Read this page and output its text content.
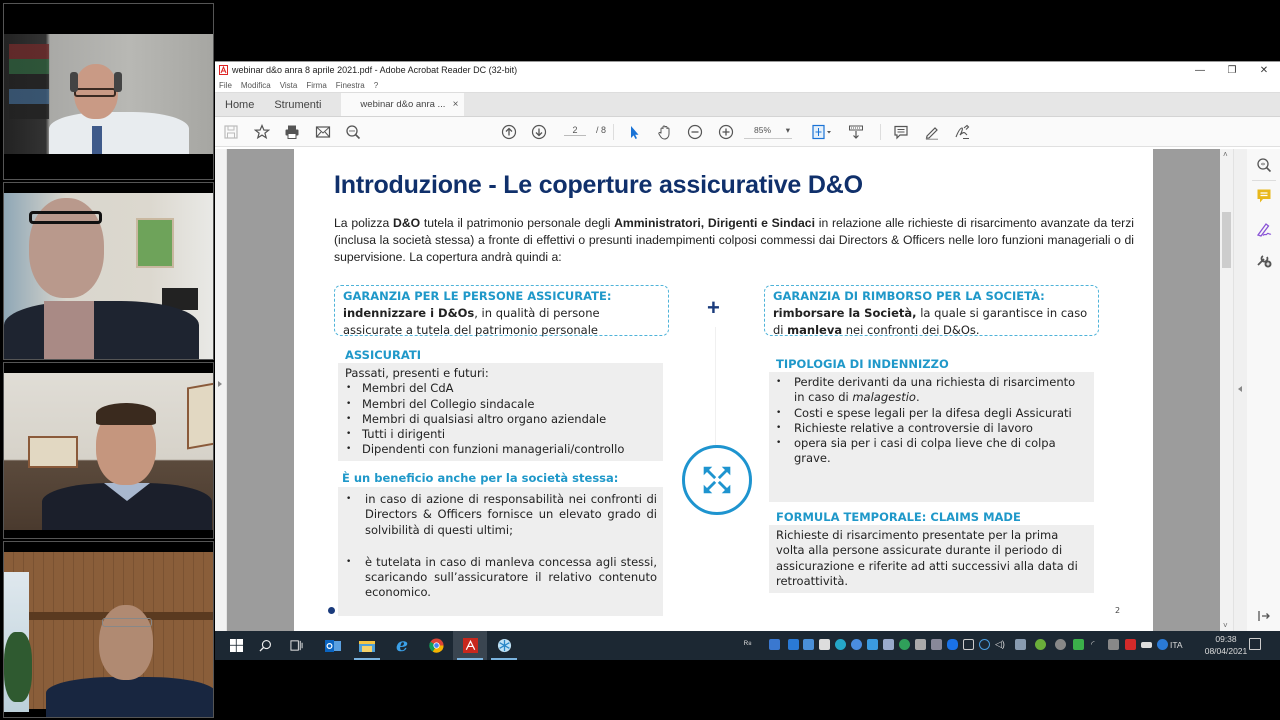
webinar d&o anra 8 aprile 2021.pdf - Adobe Acrobat Reader DC (32-bit)	—	❐	✕
File Modifica Vista Firma Finestra ?
Home Strumenti	webinar d&o anra ... ×
2	/ 8	85% ▾
Introduzione - Le coperture assicurative D&O
La polizza D&O tutela il patrimonio personale degli Amministratori, Dirigenti e Sindaci in relazione alle richieste di risarcimento avanzate da terzi (inclusa la società stessa) a fronte di effettivi o presunti inadempimenti colposi commessi dai Directors & Officers nelle loro funzioni manageriali o di supervisione. La copertura andrà quindi a:
GARANZIA PER LE PERSONE ASSICURATE:
indennizzare i D&Os, in qualità di persone assicurate a tutela del patrimonio personale
+	GARANZIA DI RIMBORSO PER LA SOCIETÀ:
rimborsare la Società, la quale si garantisce in caso di manleva nei confronti dei D&Os.
ASSICURATI
Passati, presenti e futuri:
• Membri del CdA
• Membri del Collegio sindacale
• Membri di qualsiasi altro organo aziendale
• Tutti i dirigenti
• Dipendenti con funzioni manageriali/controllo
È un beneficio anche per la società stessa:
• in caso di azione di responsabilità nei confronti di Directors & Officers fornisce un elevato grado di solvibilità di questi ultimi;
• è tutelata in caso di manleva concessa agli stessi, scaricando sull’assicuratore il relativo contenuto economico.
TIPOLOGIA DI INDENNIZZO
• Perdite derivanti da una richiesta di risarcimento in caso di malagestio.
• Costi e spese legali per la difesa degli Assicurati
• Richieste relative a controversie di lavoro
• opera sia per i casi di colpa lieve che di colpa grave.
FORMULA TEMPORALE: CLAIMS MADE
Richieste di risarcimento presentate per la prima volta alla persone assicurate durante il periodo di assicurazione e riferite ad atti successivi alla data di retroattività.
2
˄
˅
e	ᴿ⁸	◁)	◜	ITA
09:38
08/04/2021
